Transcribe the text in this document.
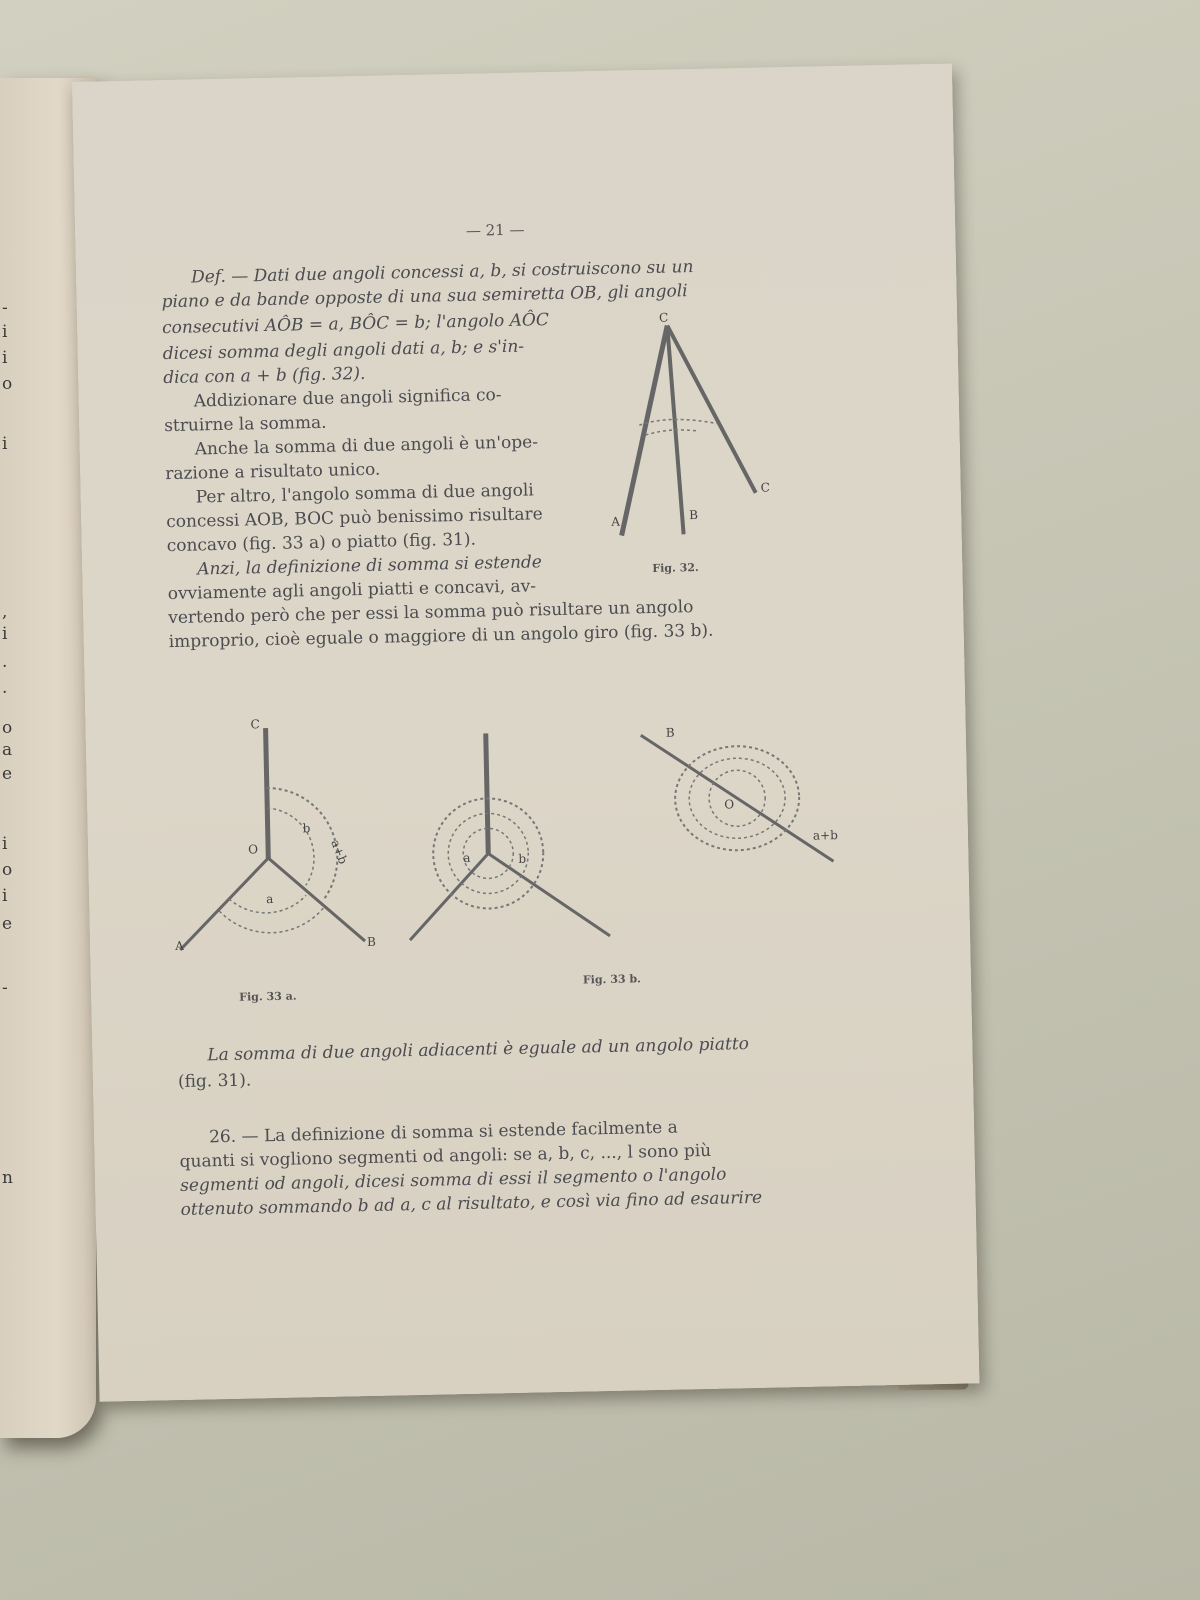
-
i
i
o
i
,
i
.
.
o
a
e
i
o
i
e
-
n
— 21 —
Def. — Dati due angoli concessi a, b, si costruiscono su un
piano e da bande opposte di una sua semiretta OB, gli angoli
consecutivi AÔB = a, BÔC = b; l'angolo AÔC
dicesi somma degli angoli dati a, b; e s'in-
dica con a + b (fig. 32).
Addizionare due angoli significa co-
struirne la somma.
Anche la somma di due angoli è un'ope-
razione a risultato unico.
Per altro, l'angolo somma di due angoli
concessi AOB, BOC può benissimo risultare
concavo (fig. 33 a) o piatto (fig. 31).
Anzi, la definizione di somma si estende
ovviamente agli angoli piatti e concavi, av-
vertendo però che per essi la somma può risultare un angolo
improprio, cioè eguale o maggiore di un angolo giro (fig. 33 b).
C
C
A	B
Fig. 32.
C
O
A	B
b
a
a+b
Fig. 33 a.
a	b
B
O
a+b
Fig. 33 b.
La somma di due angoli adiacenti è eguale ad un angolo piatto
(fig. 31).
26. — La definizione di somma si estende facilmente a
quanti si vogliono segmenti od angoli: se a, b, c, ..., l sono più
segmenti od angoli, dicesi somma di essi il segmento o l'angolo
ottenuto sommando b ad a, c al risultato, e così via fino ad esaurire
